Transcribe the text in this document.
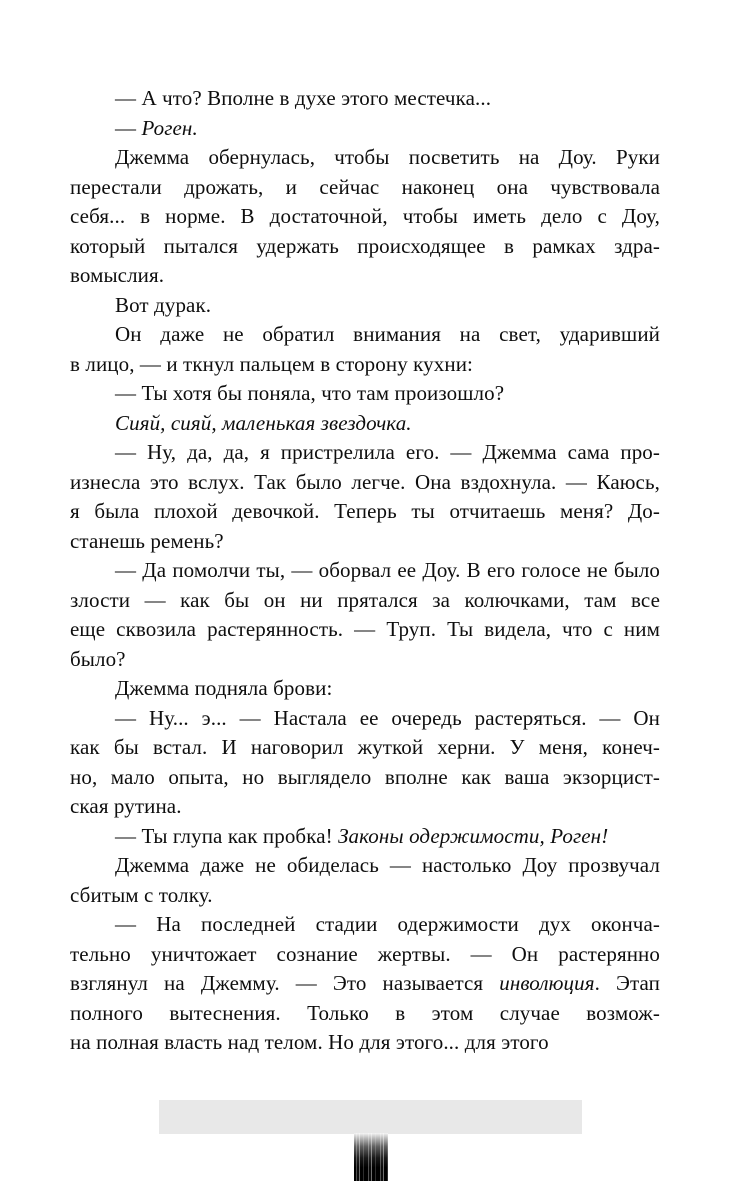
— А что? Вполне в духе этого местечка...
— Роген.
Джемма обернулась, чтобы посветить на Доу. Руки
перестали дрожать, и сейчас наконец она чувствовала
себя... в норме. В достаточной, чтобы иметь дело с Доу,
который пытался удержать происходящее в рамках здра-
вомыслия.
Вот дурак.
Он даже не обратил внимания на свет, ударивший
в лицо, — и ткнул пальцем в сторону кухни:
— Ты хотя бы поняла, что там произошло?
Сияй, сияй, маленькая звездочка.
— Ну, да, да, я пристрелила его. — Джемма сама про-
изнесла это вслух. Так было легче. Она вздохнула. — Каюсь,
я была плохой девочкой. Теперь ты отчитаешь меня? До-
станешь ремень?
— Да помолчи ты, — оборвал ее Доу. В его голосе не было
злости — как бы он ни прятался за колючками, там все
еще сквозила растерянность. — Труп. Ты видела, что с ним
было?
Джемма подняла брови:
— Ну... э... — Настала ее очередь растеряться. — Он
как бы встал. И наговорил жуткой херни. У меня, конеч-
но, мало опыта, но выглядело вполне как ваша экзорцист-
ская рутина.
— Ты глупа как пробка! Законы одержимости, Роген!
Джемма даже не обиделась — настолько Доу прозвучал
сбитым с толку.
— На последней стадии одержимости дух оконча-
тельно уничтожает сознание жертвы. — Он растерянно
взглянул на Джемму. — Это называется инволюция. Этап
полного вытеснения. Только в этом случае возмож-
на полная власть над телом. Но для этого... для этого
